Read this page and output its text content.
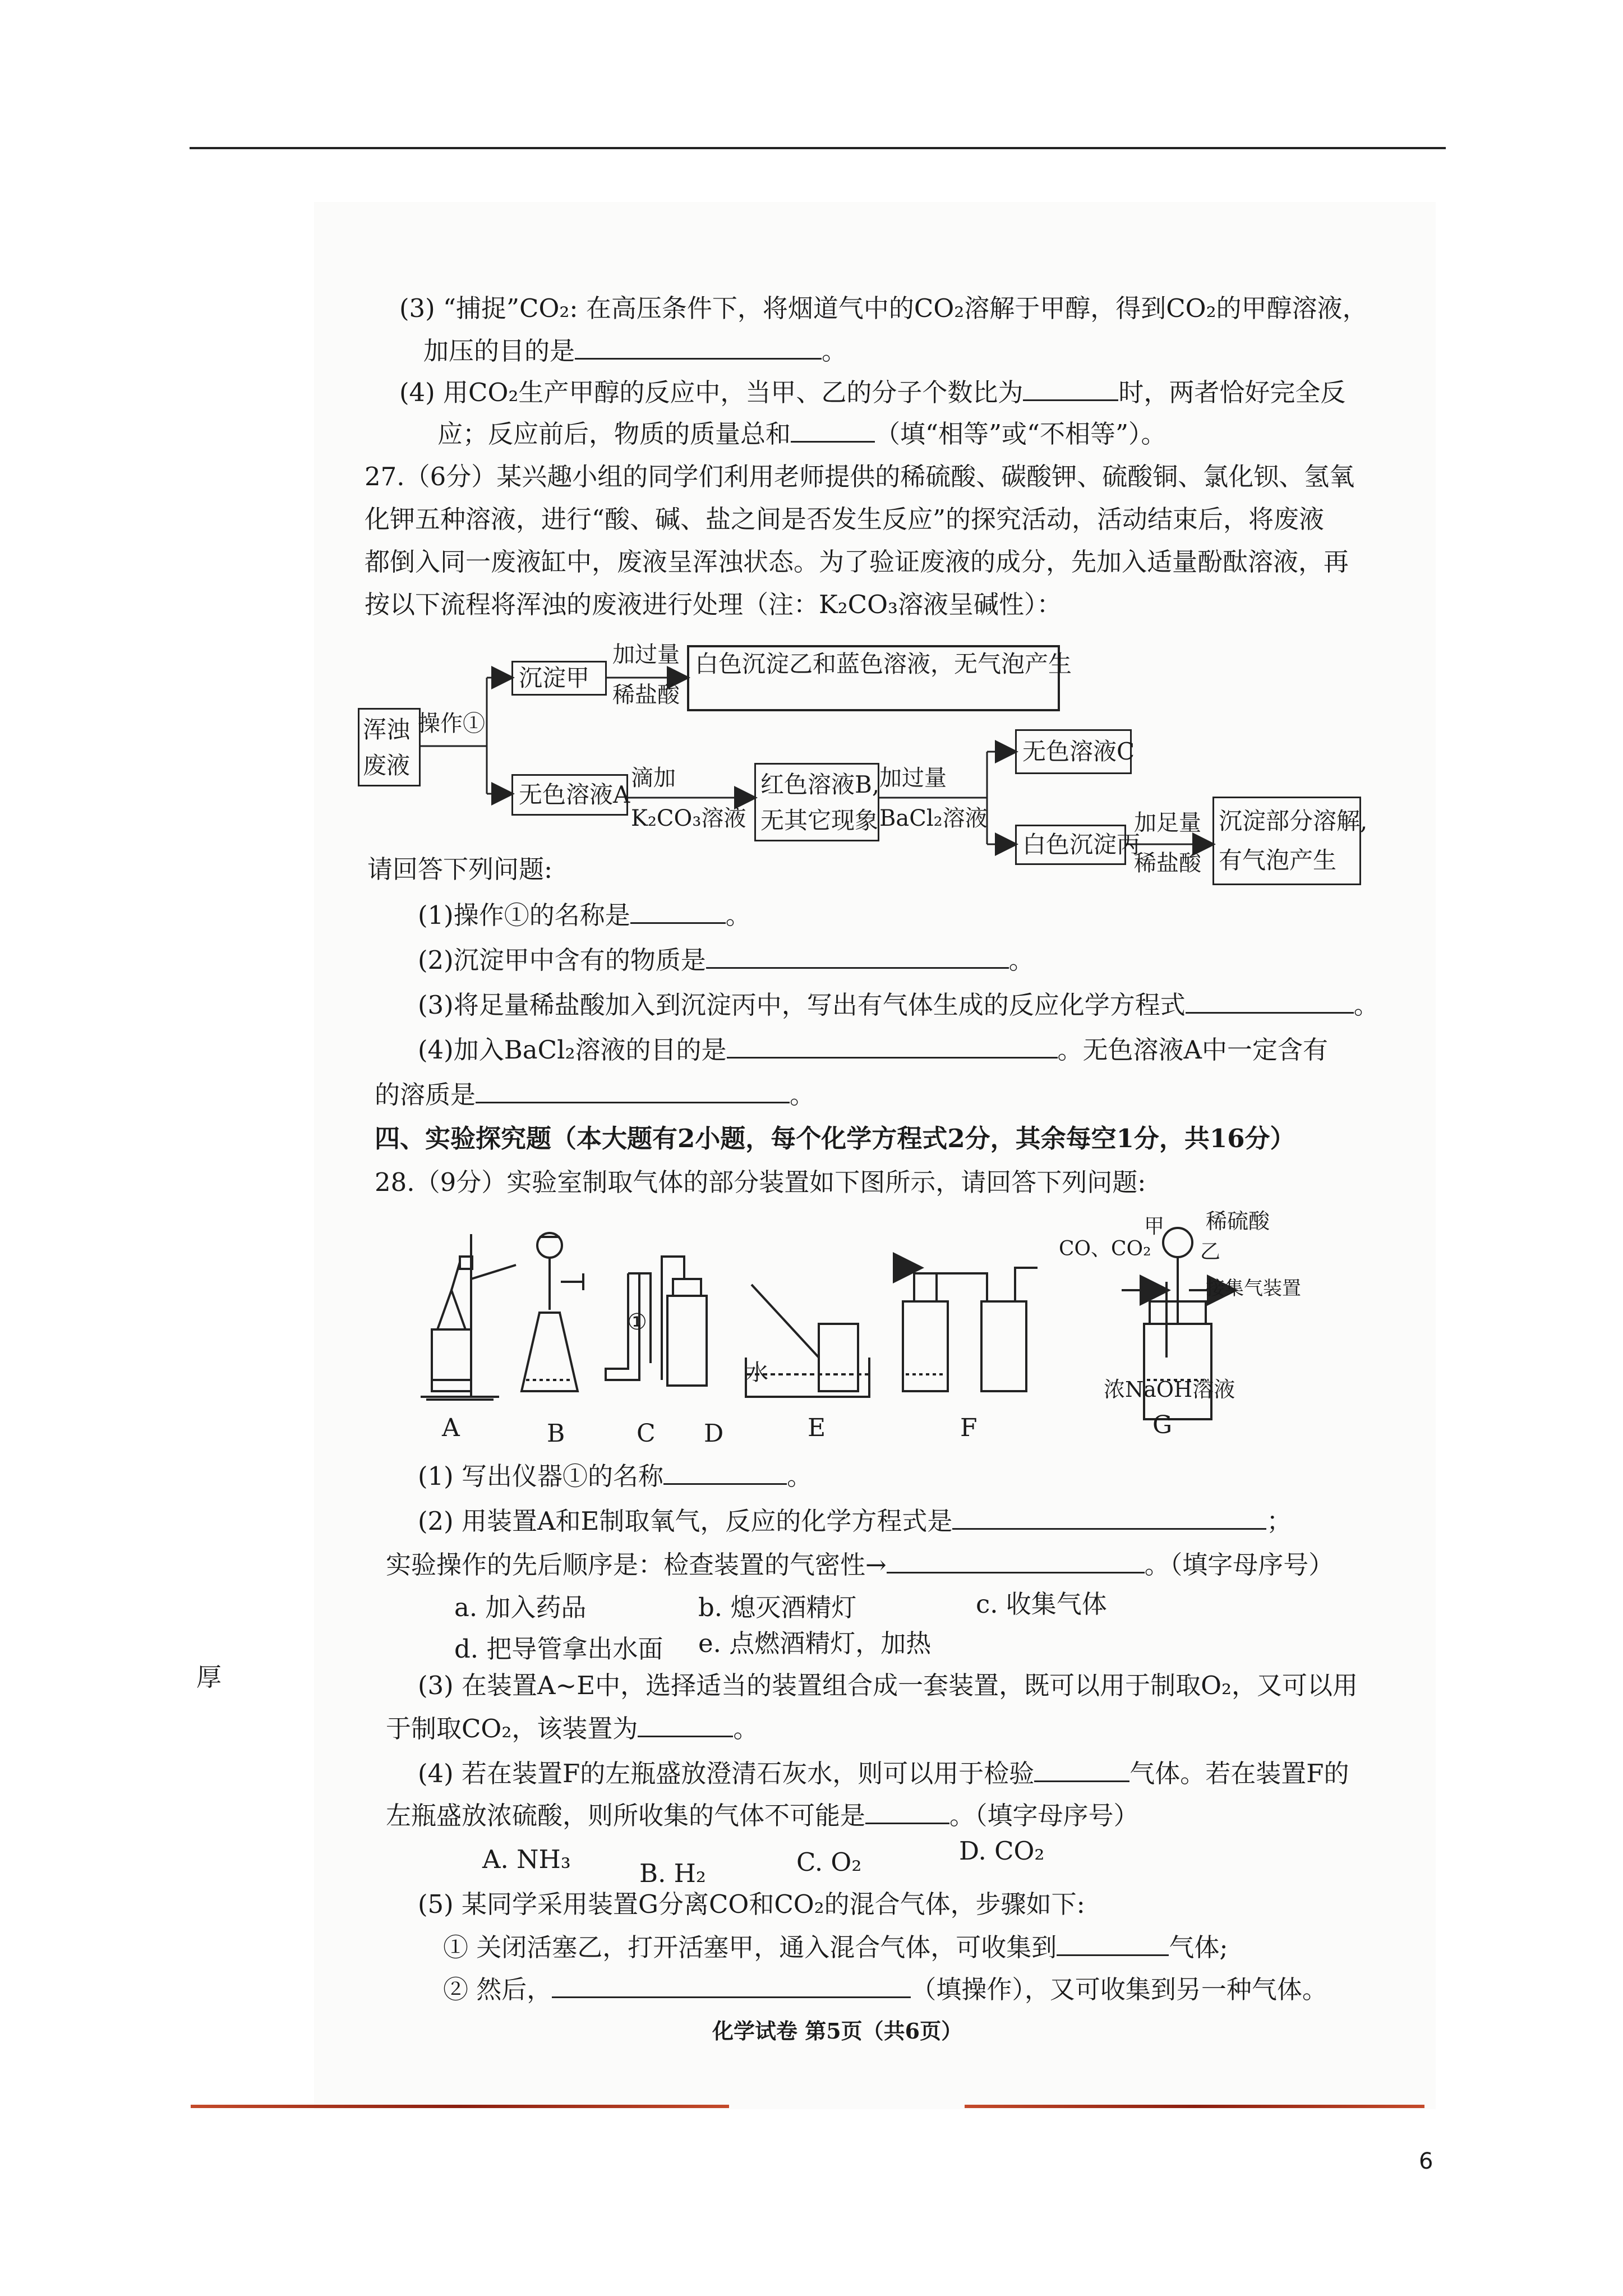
(3) “捕捉”CO₂: 在高压条件下，将烟道气中的CO₂溶解于甲醇，得到CO₂的甲醇溶液，
加压的目的是	。
(4) 用CO₂生产甲醇的反应中，当甲、乙的分子个数比为	时，两者恰好完全反
应；反应前后，物质的质量总和	（填“相等”或“不相等”）。
27.（6分）某兴趣小组的同学们利用老师提供的稀硫酸、碳酸钾、硫酸铜、氯化钡、氢氧
化钾五种溶液，进行“酸、碱、盐之间是否发生反应”的探究活动，活动结束后，将废液
都倒入同一废液缸中，废液呈浑浊状态。为了验证废液的成分，先加入适量酚酞溶液，再
按以下流程将浑浊的废液进行处理（注：K₂CO₃溶液呈碱性）：
浑浊
废液
操作①
沉淀甲
加过量
稀盐酸
白色沉淀乙和蓝色溶液，无气泡产生
无色溶液A
滴加
K₂CO₃溶液
红色溶液B,
无其它现象
加过量
BaCl₂溶液
无色溶液C
白色沉淀丙
加足量
稀盐酸
沉淀部分溶解,
有气泡产生
请回答下列问题:
(1)操作①的名称是	。
(2)沉淀甲中含有的物质是	。
(3)将足量稀盐酸加入到沉淀丙中，写出有气体生成的反应化学方程式	。
(4)加入BaCl₂溶液的目的是	。无色溶液A中一定含有
的溶质是	。
四、实验探究题（本大题有2小题，每个化学方程式2分，其余每空1分，共16分）
28.（9分）实验室制取气体的部分装置如下图所示，请回答下列问题:
①
水
CO、CO₂
甲
乙
稀硫酸
接集气装置
浓NaOH溶液
A	B	C D	E	F	G
(1) 写出仪器①的名称	。
(2) 用装置A和E制取氧气，反应的化学方程式是	；
实验操作的先后顺序是：检查装置的气密性→	。（填字母序号）
a. 加入药品	b. 熄灭酒精灯	c. 收集气体
d. 把导管拿出水面 e. 点燃酒精灯，加热
厚	(3) 在装置A~E中，选择适当的装置组合成一套装置，既可以用于制取O₂，又可以用
于制取CO₂，该装置为	。
(4) 若在装置F的左瓶盛放澄清石灰水，则可以用于检验	气体。若在装置F的
左瓶盛放浓硫酸，则所收集的气体不可能是	。（填字母序号）
A. NH₃	B. H₂	C. O₂	D. CO₂
(5) 某同学采用装置G分离CO和CO₂的混合气体，步骤如下:
① 关闭活塞乙，打开活塞甲，通入混合气体，可收集到	气体;
② 然后，	（填操作），又可收集到另一种气体。
化学试卷 第5页（共6页）
6
